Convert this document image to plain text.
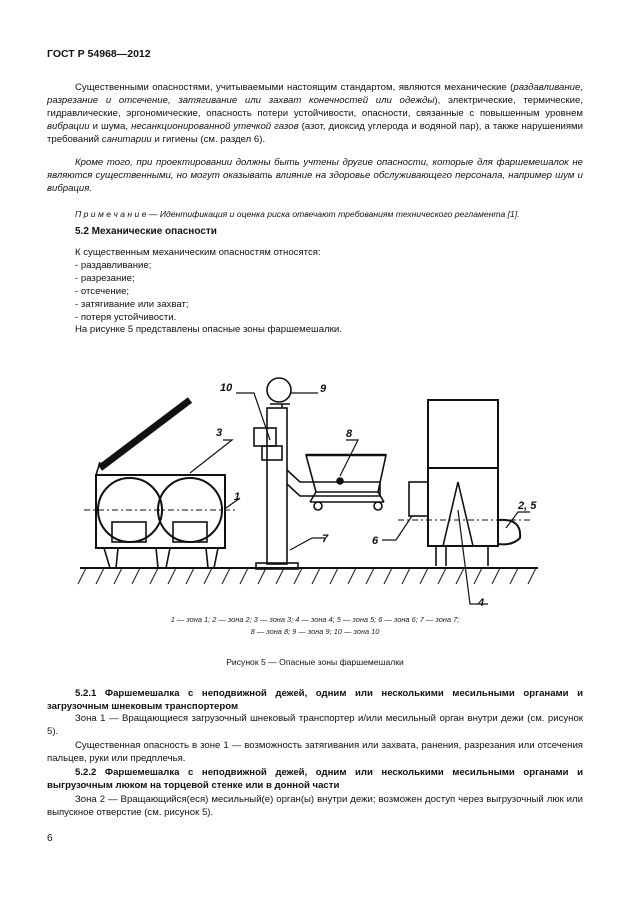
ГОСТ Р 54968—2012
Существенными опасностями, учитываемыми настоящим стандартом, являются механические (раздавливание, разрезание и отсечение, затягивание или захват конечностей или одежды), электрические, термические, гидравлические, эргономические, опасность потери устойчивости, опасности, связанные с повышенным уровнем вибрации и шума, несанкционированной утечкой газов (азот, диоксид углерода и водяной пар), а также нарушениями требований санитарии и гигиены (см. раздел 6).
Кроме того, при проектировании должны быть учтены другие опасности, которые для фаршемешалок не являются существенными, но могут оказывать влияние на здоровье обслуживающего персонала, например шум и вибрация.
П р и м е ч а н и е — Идентификация и оценка риска отвечают требованиям технического регламента [1].
5.2 Механические опасности
К существенным механическим опасностям относятся:
- раздавливание;
- разрезание;
- отсечение;
- затягивание или захват;
- потеря устойчивости.
На рисунке 5 представлены опасные зоны фаршемешалки.
3
1
10	9
8
7	6
2, 5
4
1 — зона 1; 2 — зона 2; 3 — зона 3; 4 — зона 4; 5 — зона 5; 6 — зона 6; 7 — зона 7;
8 — зона 8; 9 — зона 9; 10 — зона 10
Рисунок 5 — Опасные зоны фаршемешалки
5.2.1 Фаршемешалка с неподвижной дежей, одним или несколькими месильными органами и загрузочным шнековым транспортером
Зона 1 — Вращающиеся загрузочный шнековый транспортер и/или месильный орган внутри дежи (см. рисунок 5).
Существенная опасность в зоне 1 — возможность затягивания или захвата, ранения, разрезания или отсечения пальцев, руки или предплечья.
5.2.2 Фаршемешалка с неподвижной дежей, одним или несколькими месильными органами и выгрузочным люком на торцевой стенке или в донной части
Зона 2 — Вращающийся(еся) месильный(е) орган(ы) внутри дежи; возможен доступ через выгрузочный люк или выпускное отверстие (см. рисунок 5).
6
